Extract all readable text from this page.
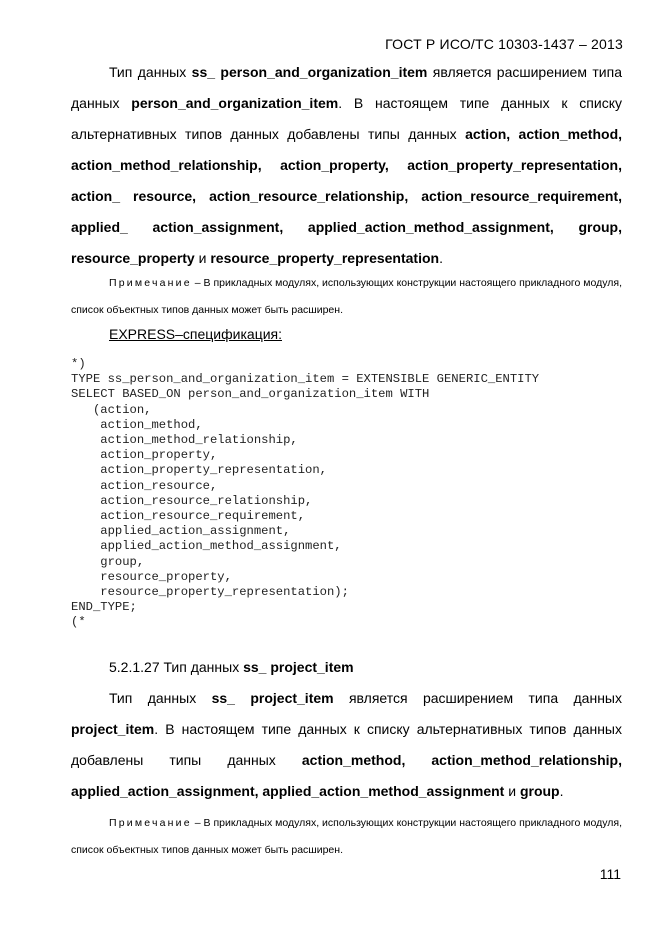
ГОСТ Р ИСО/ТС 10303-1437 – 2013
Тип данных ss_ person_and_organization_item является расширением типа данных person_and_organization_item. В настоящем типе данных к списку альтернативных типов данных добавлены типы данных action, action_method, action_method_relationship, action_property, action_property_representation, action_ resource, action_resource_relationship, action_resource_requirement, applied_ action_assignment, applied_action_method_assignment, group, resource_property и resource_property_representation.
Примечание – В прикладных модулях, использующих конструкции настоящего прикладного модуля, список объектных типов данных может быть расширен.
EXPRESS–спецификация:
*)
TYPE ss_person_and_organization_item = EXTENSIBLE GENERIC_ENTITY
SELECT BASED_ON person_and_organization_item WITH
(action,
action_method,
action_method_relationship,
action_property,
action_property_representation,
action_resource,
action_resource_relationship,
action_resource_requirement,
applied_action_assignment,
applied_action_method_assignment,
group,
resource_property,
resource_property_representation);
END_TYPE;
(*
5.2.1.27 Тип данных ss_ project_item
Тип данных ss_ project_item является расширением типа данных project_item. В настоящем типе данных к списку альтернативных типов данных добавлены типы данных action_method, action_method_relationship, applied_action_assignment, applied_action_method_assignment и group.
Примечание – В прикладных модулях, использующих конструкции настоящего прикладного модуля, список объектных типов данных может быть расширен.
111
